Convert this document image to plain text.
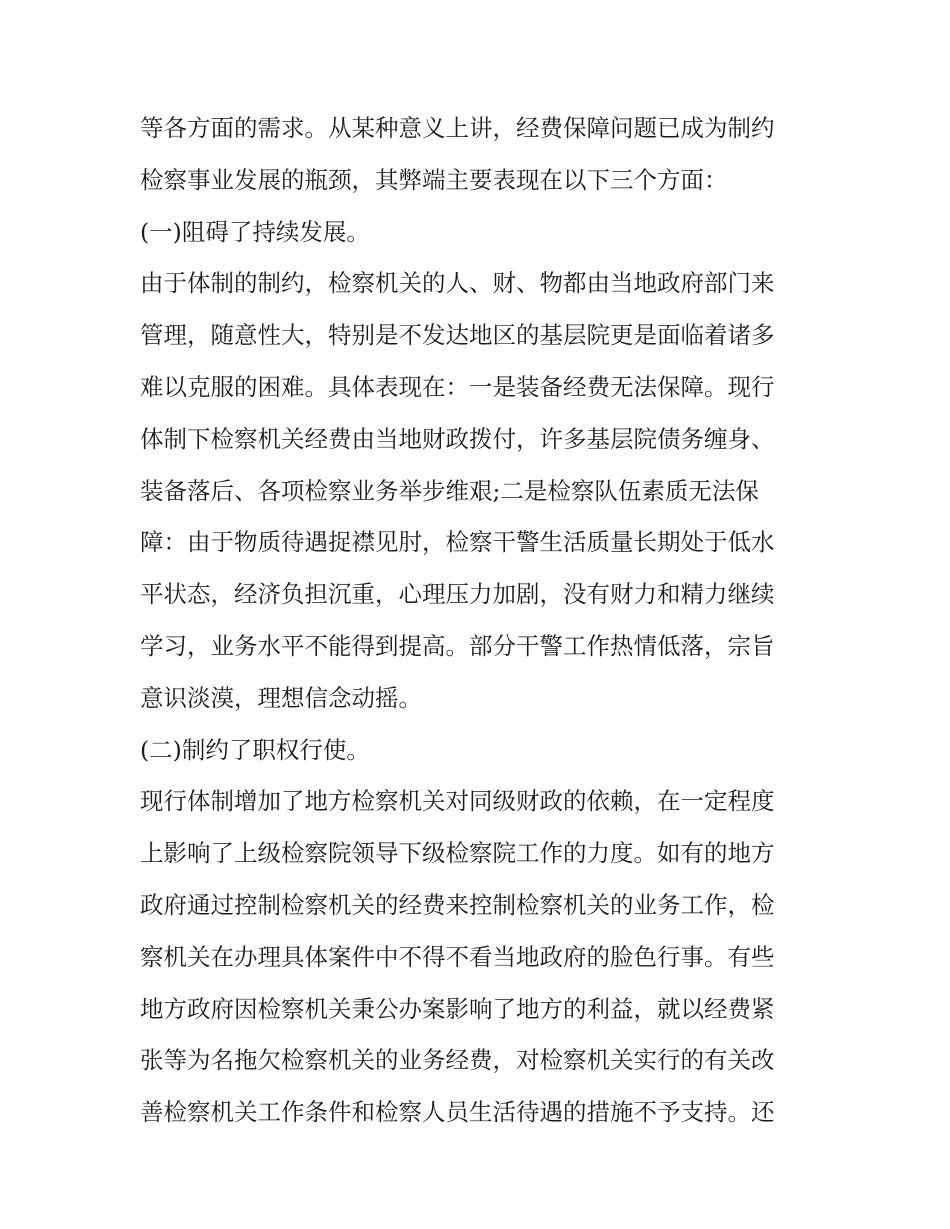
等各方面的需求。从某种意义上讲，经费保障问题已成为制约
检察事业发展的瓶颈，其弊端主要表现在以下三个方面：
(一)阻碍了持续发展。
由于体制的制约，检察机关的人、财、物都由当地政府部门来
管理，随意性大，特别是不发达地区的基层院更是面临着诸多
难以克服的困难。具体表现在：一是装备经费无法保障。现行
体制下检察机关经费由当地财政拨付，许多基层院债务缠身、
装备落后、各项检察业务举步维艰;二是检察队伍素质无法保
障：由于物质待遇捉襟见肘，检察干警生活质量长期处于低水
平状态，经济负担沉重，心理压力加剧，没有财力和精力继续
学习，业务水平不能得到提高。部分干警工作热情低落，宗旨
意识淡漠，理想信念动摇。
(二)制约了职权行使。
现行体制增加了地方检察机关对同级财政的依赖，在一定程度
上影响了上级检察院领导下级检察院工作的力度。如有的地方
政府通过控制检察机关的经费来控制检察机关的业务工作，检
察机关在办理具体案件中不得不看当地政府的脸色行事。有些
地方政府因检察机关秉公办案影响了地方的利益，就以经费紧
张等为名拖欠检察机关的业务经费，对检察机关实行的有关改
善检察机关工作条件和检察人员生活待遇的措施不予支持。还
